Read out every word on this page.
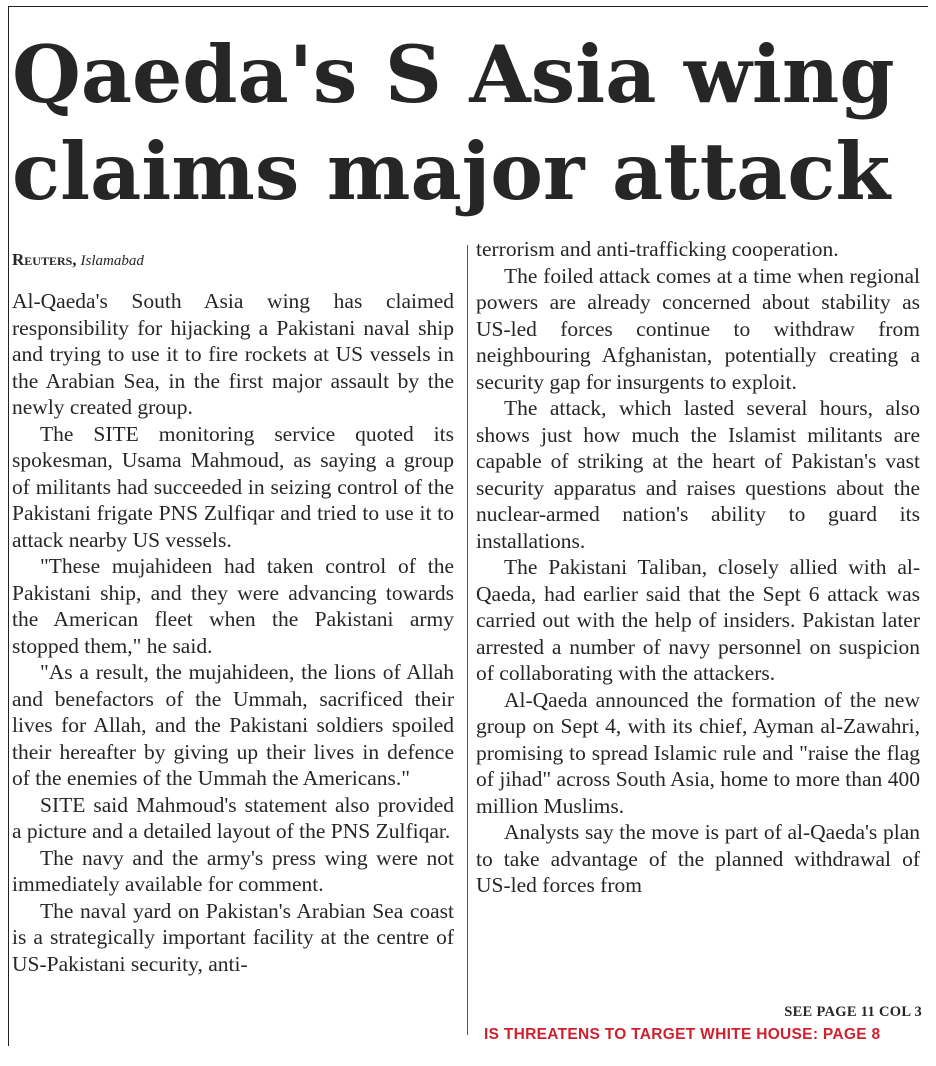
Qaeda's S Asia wing
claims major attack
Reuters, Islamabad

Al-Qaeda's South Asia wing has claimed responsibility for hijacking a Pakistani naval ship and trying to use it to fire rockets at US vessels in the Arabian Sea, in the first major assault by the newly created group.

The SITE monitoring service quoted its spokesman, Usama Mahmoud, as saying a group of militants had succeeded in seizing control of the Pakistani frigate PNS Zulfiqar and tried to use it to attack nearby US vessels.

"These mujahideen had taken control of the Pakistani ship, and they were advancing towards the American fleet when the Pakistani army stopped them," he said.

"As a result, the mujahideen, the lions of Allah and benefactors of the Ummah, sacrificed their lives for Allah, and the Pakistani soldiers spoiled their hereafter by giving up their lives in defence of the enemies of the Ummah the Americans."

SITE said Mahmoud's statement also provided a picture and a detailed layout of the PNS Zulfiqar.

The navy and the army's press wing were not immediately available for comment.

The naval yard on Pakistan's Arabian Sea coast is a strategically important facility at the centre of US-Pakistani security, anti-

terrorism and anti-trafficking cooperation.

The foiled attack comes at a time when regional powers are already concerned about stability as US-led forces continue to withdraw from neighbouring Afghanistan, potentially creating a security gap for insurgents to exploit.

The attack, which lasted several hours, also shows just how much the Islamist militants are capable of striking at the heart of Pakistan's vast security apparatus and raises questions about the nuclear-armed nation's ability to guard its installations.

The Pakistani Taliban, closely allied with al-Qaeda, had earlier said that the Sept 6 attack was carried out with the help of insiders. Pakistan later arrested a number of navy personnel on suspicion of collaborating with the attackers.

Al-Qaeda announced the formation of the new group on Sept 4, with its chief, Ayman al-Zawahri, promising to spread Islamic rule and "raise the flag of jihad" across South Asia, home to more than 400 million Muslims.

Analysts say the move is part of al-Qaeda's plan to take advantage of the planned withdrawal of US-led forces from

SEE PAGE 11 COL 3
IS THREATENS TO TARGET WHITE HOUSE: PAGE 8
